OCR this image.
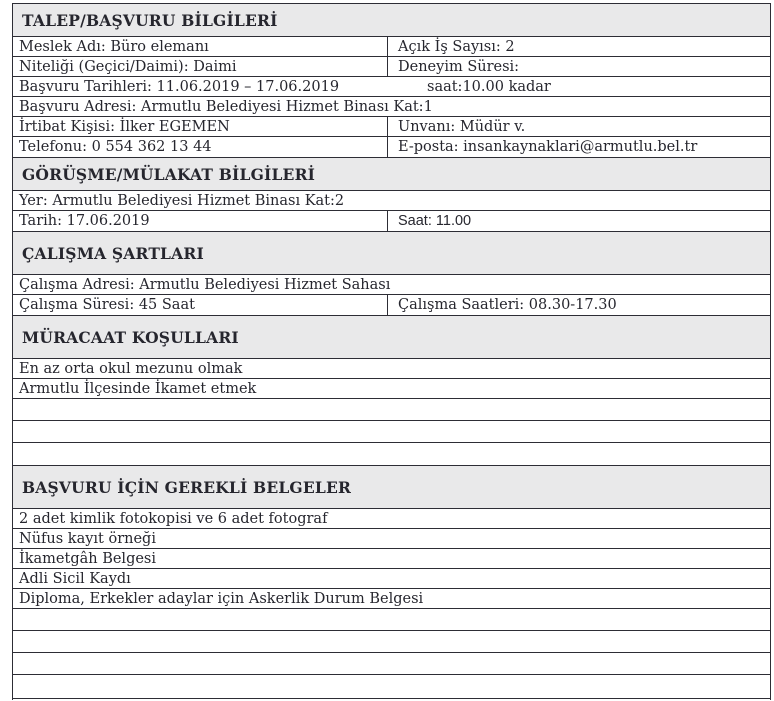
TALEP/BAŞVURU BİLGİLERİ
Meslek Adı: Büro elemanı	Açık İş Sayısı: 2
Niteliği (Geçici/Daimi): Daimi	Deneyim Süresi:
Başvuru Tarihleri: 11.06.2019 – 17.06.2019	saat:10.00 kadar
Başvuru Adresi: Armutlu Belediyesi Hizmet Binası Kat:1
İrtibat Kişisi: İlker EGEMEN	Unvanı: Müdür v.
Telefonu: 0 554 362 13 44	E-posta: insankaynaklari@armutlu.bel.tr
GÖRÜŞME/MÜLAKAT BİLGİLERİ
Yer: Armutlu Belediyesi Hizmet Binası Kat:2
Tarih: 17.06.2019	Saat: 11.00
ÇALIŞMA ŞARTLARI
Çalışma Adresi: Armutlu Belediyesi Hizmet Sahası
Çalışma Süresi: 45 Saat	Çalışma Saatleri: 08.30-17.30
MÜRACAAT KOŞULLARI
En az orta okul mezunu olmak
Armutlu İlçesinde İkamet etmek
BAŞVURU İÇİN GEREKLİ BELGELER
2 adet kimlik fotokopisi ve 6 adet fotograf
Nüfus kayıt örneği
İkametgâh Belgesi
Adli Sicil Kaydı
Diploma, Erkekler adaylar için Askerlik Durum Belgesi
